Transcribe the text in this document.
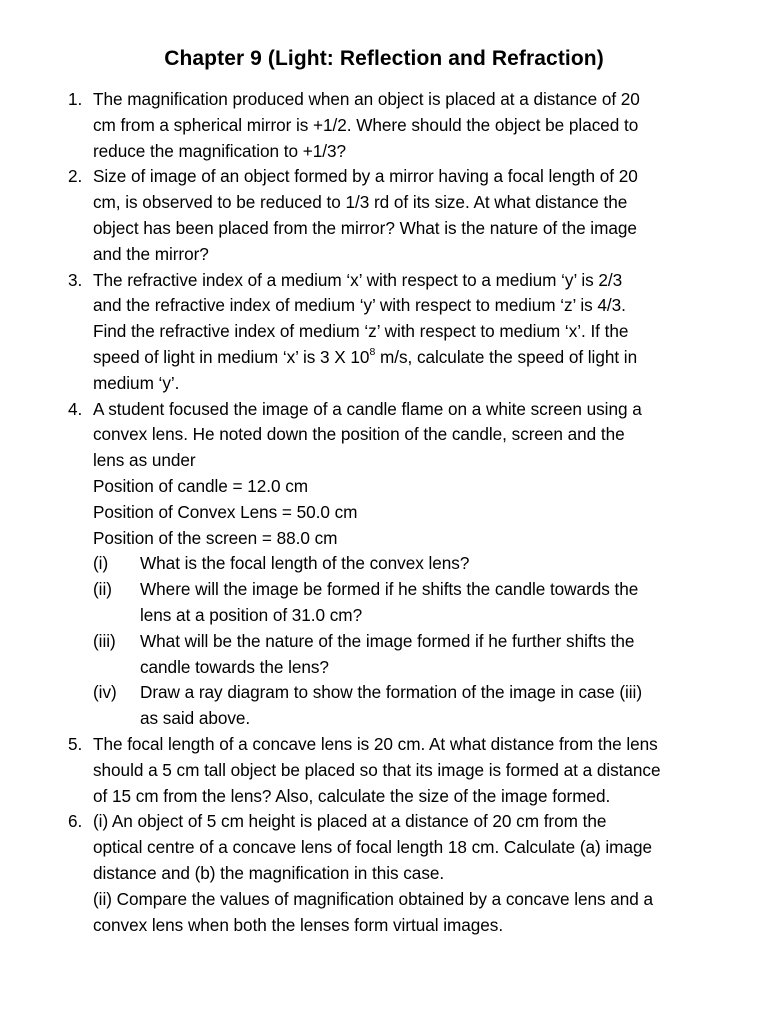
Chapter 9 (Light: Reflection and Refraction)
1. The magnification produced when an object is placed at a distance of 20
cm from a spherical mirror is +1/2. Where should the object be placed to
reduce the magnification to +1/3?
2. Size of image of an object formed by a mirror having a focal length of 20
cm, is observed to be reduced to 1/3 rd of its size. At what distance the
object has been placed from the mirror? What is the nature of the image
and the mirror?
3. The refractive index of a medium ‘x’ with respect to a medium ‘y’ is 2/3
and the refractive index of medium ‘y’ with respect to medium ‘z’ is 4/3.
Find the refractive index of medium ‘z’ with respect to medium ‘x’. If the
speed of light in medium ‘x’ is 3 X $10^8$ m/s, calculate the speed of light in
medium ‘y’.
4. A student focused the image of a candle flame on a white screen using a
convex lens. He noted down the position of the candle, screen and the
lens as under
Position of candle = 12.0 cm
Position of Convex Lens = 50.0 cm
Position of the screen = 88.0 cm
(i) What is the focal length of the convex lens?
(ii) Where will the image be formed if he shifts the candle towards the
lens at a position of 31.0 cm?
(iii) What will be the nature of the image formed if he further shifts the
candle towards the lens?
(iv) Draw a ray diagram to show the formation of the image in case (iii)
as said above.
5. The focal length of a concave lens is 20 cm. At what distance from the lens
should a 5 cm tall object be placed so that its image is formed at a distance
of 15 cm from the lens? Also, calculate the size of the image formed.
6. (i) An object of 5 cm height is placed at a distance of 20 cm from the
optical centre of a concave lens of focal length 18 cm. Calculate (a) image
distance and (b) the magnification in this case.
(ii) Compare the values of magnification obtained by a concave lens and a
convex lens when both the lenses form virtual images.
